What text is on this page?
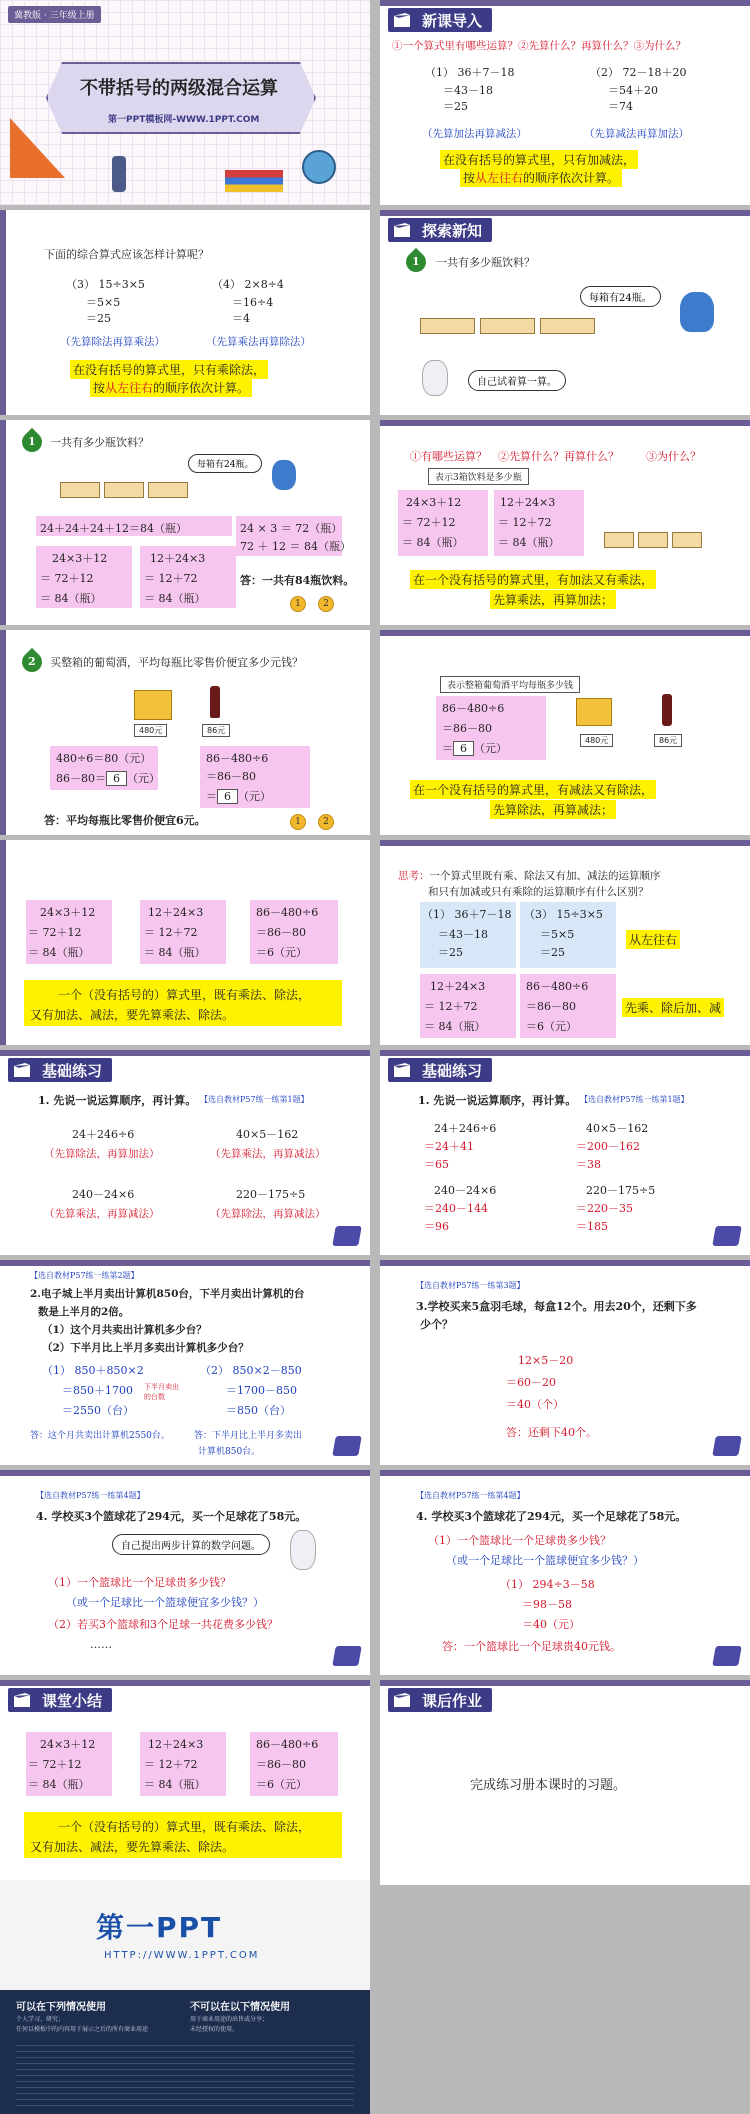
冀教版 · 三年级上册
不带括号的两级混合运算
第一PPT模板网-WWW.1PPT.COM
新课导入
①一个算式里有哪些运算？②先算什么？再算什么？③为什么？
（1） 36＋7－18
＝43－18
＝25
（2） 72－18＋20
＝54＋20
＝74
（先算加法再算减法）	（先算减法再算加法）
在没有括号的算式里，只有加减法，
按从左往右的顺序依次计算。
下面的综合算式应该怎样计算呢？
（3） 15÷3×5
＝5×5
＝25
（4） 2×8÷4
＝16÷4
＝4
（先算除法再算乘法）	（先算乘法再算除法）
在没有括号的算式里，只有乘除法，
按从左往右的顺序依次计算。
探索新知
1	一共有多少瓶饮料？
每箱有24瓶。
自己试着算一算。
1	一共有多少瓶饮料？
每箱有24瓶。
24＋24＋24＋12＝84（瓶）	24 × 3 ＝ 72（瓶）
72 ＋ 12 ＝ 84（瓶）
24×3＋12
＝ 72＋12
＝ 84（瓶）
12＋24×3
＝ 12＋72
＝ 84（瓶）
答：一共有84瓶饮料。
1	2
①有哪些运算？ ②先算什么？再算什么？ ③为什么？
表示3箱饮料是多少瓶
24×3＋12
＝ 72＋12
＝ 84（瓶）
12＋24×3
＝ 12＋72
＝ 84（瓶）
在一个没有括号的算式里，有加法又有乘法，
先算乘法，再算加法；
2	买整箱的葡萄酒，平均每瓶比零售价便宜多少元钱？
480元	86元
480÷6＝80（元）
86－80＝ 6 （元）
86－480÷6
＝86－80
＝ 6 （元）
答：平均每瓶比零售价便宜6元。	1	2
表示整箱葡萄酒平均每瓶多少钱
86－480÷6
＝86－80
＝ 6 （元）
480元	86元
在一个没有括号的算式里，有减法又有除法，
先算除法，再算减法；
24×3＋12
＝ 72＋12
＝ 84（瓶）
12＋24×3
＝ 12＋72
＝ 84（瓶）
86－480÷6
＝86－80
＝6（元）
一个（没有括号的）算式里，既有乘法、除法，
又有加法、减法，要先算乘法、除法。
思考：一个算式里既有乘、除法又有加、减法的运算顺序
和只有加减或只有乘除的运算顺序有什么区别？
（1） 36＋7－18
＝43－18
＝25
（3） 15÷3×5
＝5×5
＝25
从左往右
12＋24×3
＝ 12＋72
＝ 84（瓶）
86－480÷6
＝86－80
＝6（元）
先乘、除后加、减
基础练习
1. 先说一说运算顺序，再计算。 【选自教材P57练一练第1题】
24＋246÷6
（先算除法，再算加法）
40×5－162
（先算乘法，再算减法）
240－24×6
（先算乘法，再算减法）
220－175÷5
（先算除法，再算减法）
基础练习
1. 先说一说运算顺序，再计算。 【选自教材P57练一练第1题】
24＋246÷6
＝24＋41
＝65
40×5－162
＝200－162
＝38
240－24×6
＝240－144
＝96
220－175÷5
＝220－35
＝185
【选自教材P57练一练第2题】
2.电子城上半月卖出计算机850台，下半月卖出计算机的台
数是上半月的2倍。
（1）这个月共卖出计算机多少台？
（2）下半月比上半月多卖出计算机多少台？
（1） 850＋850×2
＝850＋1700
＝2550（台）
下半月卖出的台数
（2） 850×2－850
＝1700－850
＝850（台）
答：这个月共卖出计算机2550台。	答：下半月比上半月多卖出
计算机850台。
【选自教材P57练一练第3题】
3.学校买来5盒羽毛球，每盒12个。用去20个，还剩下多
少个？
12×5－20
＝60－20
＝40（个）
答：还剩下40个。
【选自教材P57练一练第4题】
4. 学校买3个篮球花了294元，买一个足球花了58元。
自己提出两步计算的数学问题。
（1）一个篮球比一个足球贵多少钱？
（或一个足球比一个篮球便宜多少钱？）
（2）若买3个篮球和3个足球一共花费多少钱？
……
【选自教材P57练一练第4题】
4. 学校买3个篮球花了294元，买一个足球花了58元。
（1）一个篮球比一个足球贵多少钱？
（或一个足球比一个篮球便宜多少钱？）
（1） 294÷3－58
＝98－58
＝40（元）
答：一个篮球比一个足球贵40元钱。
课堂小结
24×3＋12
＝ 72＋12
＝ 84（瓶）
12＋24×3
＝ 12＋72
＝ 84（瓶）
86－480÷6
＝86－80
＝6（元）
一个（没有括号的）算式里，既有乘法、除法，
又有加法、减法，要先算乘法、除法。
课后作业
完成练习册本课时的习题。
第一PPT
HTTP://WWW.1PPT.COM
可以在下列情况使用
个人学习、研究；
任何以模板中的内容用于展示之后的所有商业用途
不可以在以下情况使用
用于商业用途的出售或分享；
未经授权的使用。
